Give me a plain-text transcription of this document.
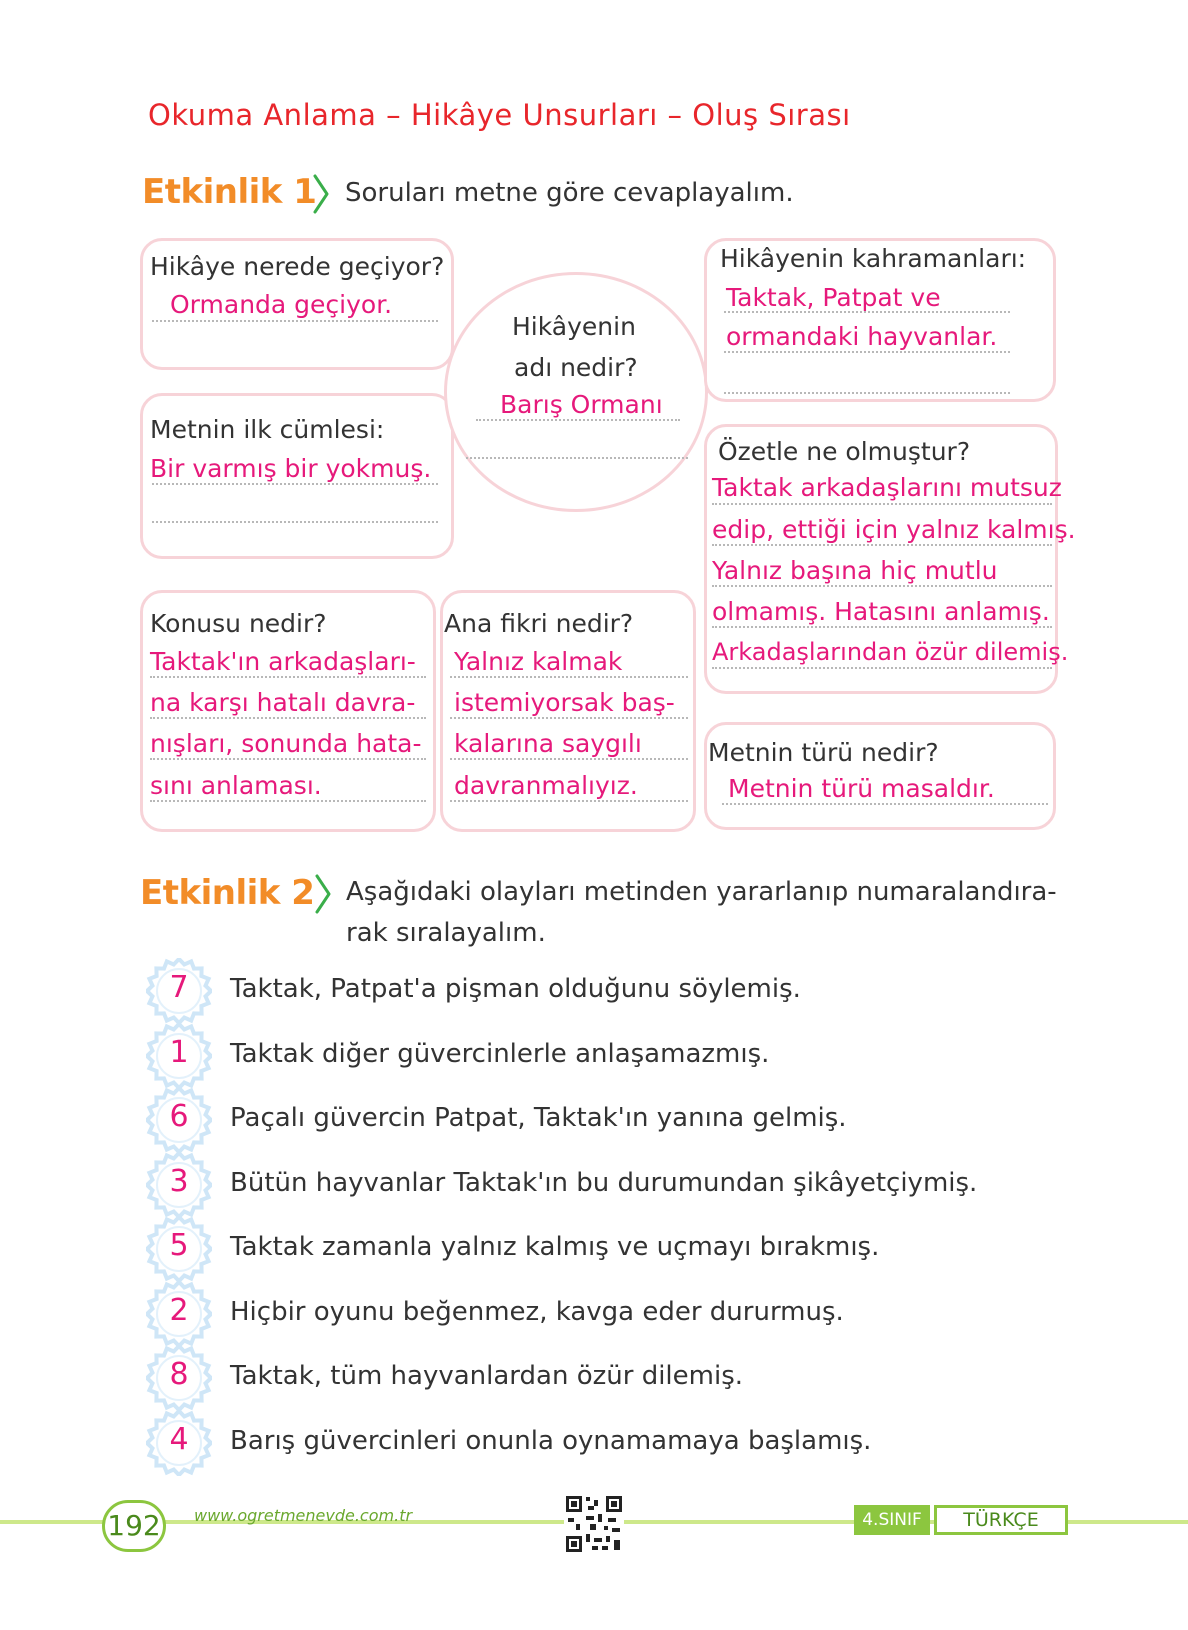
Okuma Anlama – Hikâye Unsurları – Oluş Sırası
Etkinlik 1 Soruları metne göre cevaplayalım.
Hikâye nerede geçiyor?
Ormanda geçiyor.
Metnin ilk cümlesi:
Bir varmış bir yokmuş.
Hikâyenin
adı nedir?
Barış Ormanı
Hikâyenin kahramanları:
Taktak, Patpat ve
ormandaki hayvanlar.
Özetle ne olmuştur?
Taktak arkadaşlarını mutsuz
edip, ettiği için yalnız kalmış.
Yalnız başına hiç mutlu
olmamış. Hatasını anlamış.
Arkadaşlarından özür dilemiş.
Konusu nedir?
Taktak'ın arkadaşları-
na karşı hatalı davra-
nışları, sonunda hata-
sını anlaması.
Ana fikri nedir?
Yalnız kalmak
istemiyorsak baş-
kalarına saygılı
davranmalıyız.
Metnin türü nedir?
Metnin türü masaldır.
Etkinlik 2 Aşağıdaki olayları metinden yararlanıp numaralandıra-
rak sıralayalım.
7	Taktak, Patpat'a pişman olduğunu söylemiş.
1	Taktak diğer güvercinlerle anlaşamazmış.
6	Paçalı güvercin Patpat, Taktak'ın yanına gelmiş.
3	Bütün hayvanlar Taktak'ın bu durumundan şikâyetçiymiş.
5	Taktak zamanla yalnız kalmış ve uçmayı bırakmış.
2	Hiçbir oyunu beğenmez, kavga eder dururmuş.
8	Taktak, tüm hayvanlardan özür dilemiş.
4	Barış güvercinleri onunla oynamamaya başlamış.
192	www.ogretmenevde.com.tr	4.SINIF	TÜRKÇE
